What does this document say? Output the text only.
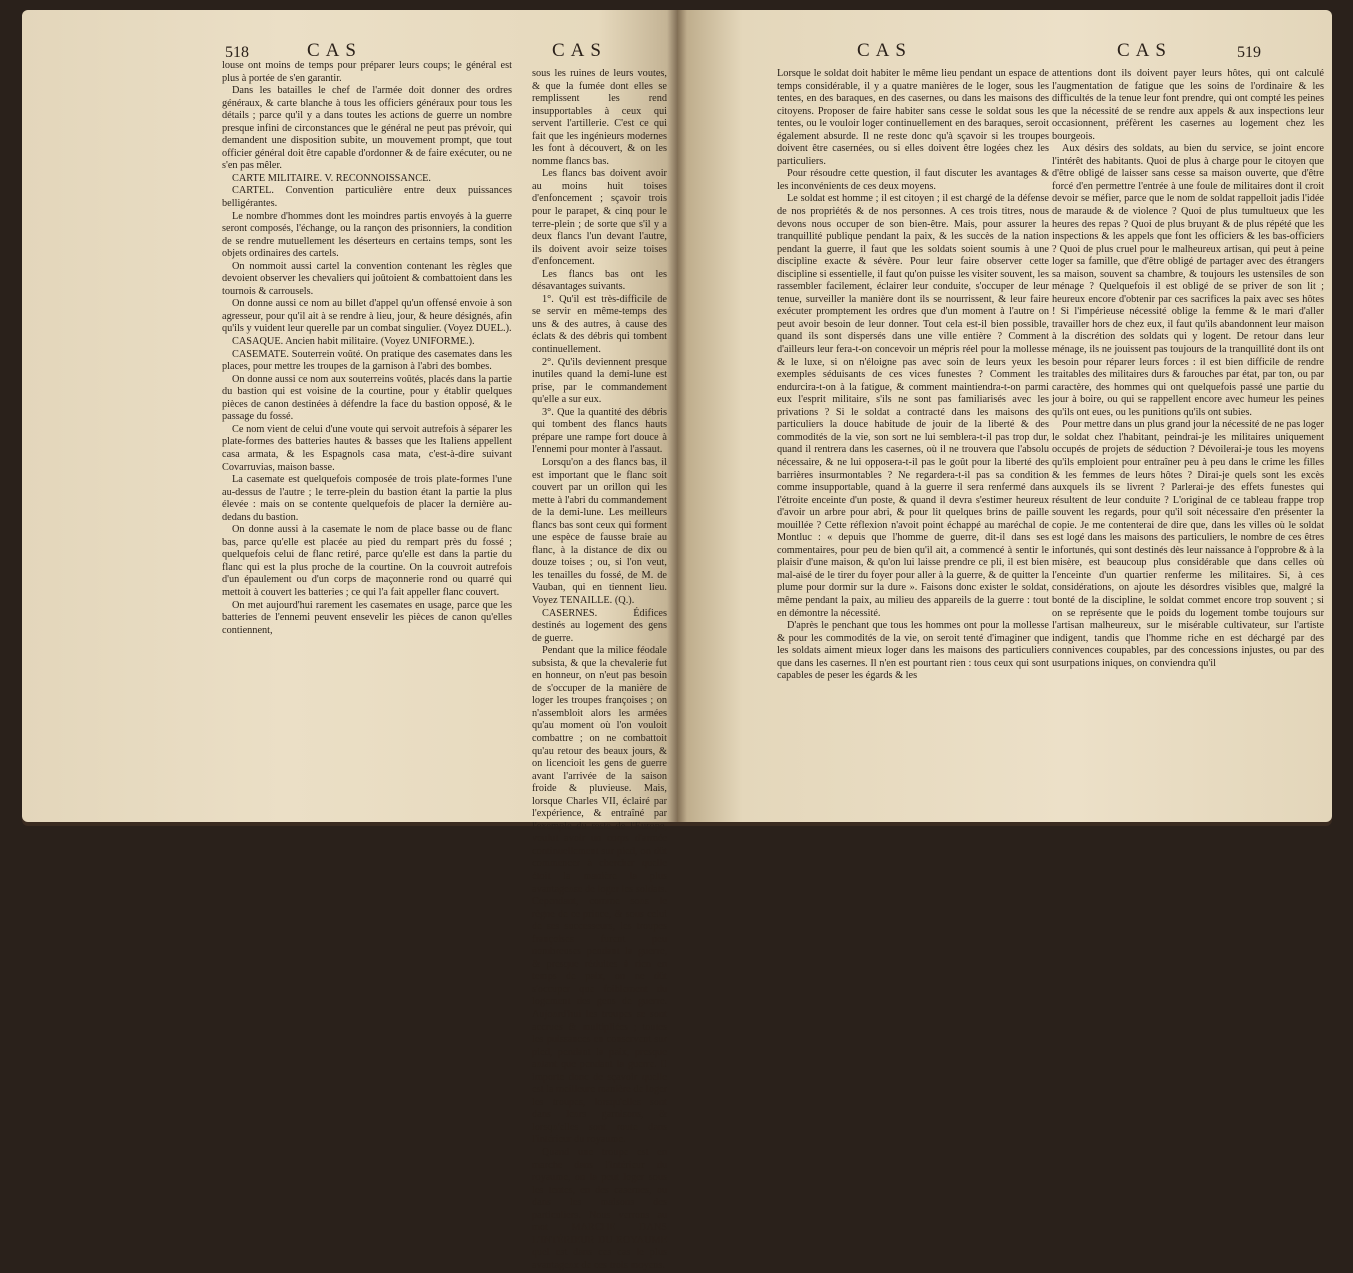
518	CAS	CAS

louse ont moins de temps pour préparer leurs coups; le général est plus à portée de s'en garantir.

Dans les batailles le chef de l'armée doit donner des ordres généraux, & carte blanche à tous les officiers généraux pour tous les détails ; parce qu'il y a dans toutes les actions de guerre un nombre presque infini de circonstances que le général ne peut pas prévoir, qui demandent une disposition subite, un mouvement prompt, que tout officier général doit être capable d'ordonner & de faire exécuter, ou ne s'en pas mêler.

CARTE MILITAIRE. V. RECONNOISSANCE.

CARTEL. Convention particulière entre deux puissances belligérantes.

Le nombre d'hommes dont les moindres partis envoyés à la guerre seront composés, l'échange, ou la rançon des prisonniers, la condition de se rendre mutuellement les déserteurs en certains temps, sont les objets ordinaires des cartels.

On nommoit aussi cartel la convention contenant les règles que devoient observer les chevaliers qui joûtoient & combattoient dans les tournois & carrousels.

On donne aussi ce nom au billet d'appel qu'un offensé envoie à son agresseur, pour qu'il ait à se rendre à lieu, jour, & heure désignés, afin qu'ils y vuident leur querelle par un combat singulier. (Voyez DUEL.).

CASAQUE. Ancien habit militaire. (Voyez UNIFORME.).

CASEMATE. Souterrein voûté. On pratique des casemates dans les places, pour mettre les troupes de la garnison à l'abri des bombes.

On donne aussi ce nom aux souterreins voûtés, placés dans la partie du bastion qui est voisine de la courtine, pour y établir quelques pièces de canon destinées à défendre la face du bastion opposé, & le passage du fossé.

Ce nom vient de celui d'une voute qui servoit autrefois à séparer les plate-formes des batteries hautes & basses que les Italiens appellent casa armata, & les Espagnols casa mata, c'est-à-dire suivant Covarruvias, maison basse.

La casemate est quelquefois composée de trois plate-formes l'une au-dessus de l'autre ; le terre-plein du bastion étant la partie la plus élevée : mais on se contente quelquefois de placer la dernière au-dedans du bastion.

On donne aussi à la casemate le nom de place basse ou de flanc bas, parce qu'elle est placée au pied du rempart près du fossé ; quelquefois celui de flanc retiré, parce qu'elle est dans la partie du flanc qui est la plus proche de la courtine. On la couvroit autrefois d'un épaulement ou d'un corps de maçonnerie rond ou quarré qui mettoit à couvert les batteries ; ce qui l'a fait appeller flanc couvert.

On met aujourd'hui rarement les casemates en usage, parce que les batteries de l'ennemi peuvent ensevelir les pièces de canon qu'elles contiennent,

sous les ruines de leurs voutes, & que la fumée dont elles se remplissent les rend insupportables à ceux qui servent l'artillerie. C'est ce qui fait que les ingénieurs modernes les font à découvert, & on les nomme flancs bas.

Les flancs bas doivent avoir au moins huit toises d'enfoncement ; sçavoir trois pour le parapet, & cinq pour le terre-plein ; de sorte que s'il y a deux flancs l'un devant l'autre, ils doivent avoir seize toises d'enfoncement.

Les flancs bas ont les désavantages suivants.

1°. Qu'il est très-difficile de se servir en même-temps des uns & des autres, à cause des éclats & des débris qui tombent continuellement.

2°. Qu'ils deviennent presque inutiles quand la demi-lune est prise, par le commandement qu'elle a sur eux.

3°. Que la quantité des débris qui tombent des flancs hauts prépare une rampe fort douce à l'ennemi pour monter à l'assaut.

Lorsqu'on a des flancs bas, il est important que le flanc soit couvert par un orillon qui les mette à l'abri du commandement de la demi-lune. Les meilleurs flancs bas sont ceux qui forment une espèce de fausse braie au flanc, à la distance de dix ou douze toises ; ou, si l'on veut, les tenailles du fossé, de M. de Vauban, qui en tiennent lieu. Voyez TENAILLE. (Q.).

CASERNES. Édifices destinés au logement des gens de guerre.

Pendant que la milice féodale subsista, & que la chevalerie fut en honneur, on n'eut pas besoin de s'occuper de la manière de loger les troupes françoises ; on n'assembloit alors les armées qu'au moment où l'on vouloit combattre ; on ne combattoit qu'au retour des beaux jours, & on licencioit les gens de guerre avant l'arrivée de la saison froide & pluvieuse. Mais, lorsque Charles VII, éclairé par l'expérience, & entraîné par l'exemple du reste de l'Europe, voulut avoir un corps d'armée continuellement sur pied, on dût commencer à chercher quelle étoit la manière la plus avantageuse de loger les soldats. Cependant, comme sous le règne de ce prince, & sous celui de ses successeurs, les troupes françoises furent peu nombreuses pendant la guerre, & presque réduites à rien en temps de paix, on ne dût s'occuper que foiblement du logement des gens de guerre. Aujourd'hui les troupes se sont accrues & multipliées ; toutes les puissances en conservent sur pied, pendant la paix, presque autant que pendant la guerre. Il importe donc de sçavoir quelle est la meilleure manière de loger les troupes, lorsqu'elles sont dans leurs garnisons, & lorsqu'elles sont route dans l'intérieur du royaume.

Quand une troupe est en marche dans l'intérieur du royaume, on la peut loger sous les tentes, en des casernes, ou dans les maisons des particuliers. Nous verrons au mot MARCHE DANS L'INTÉRIEUR DU ROYAUME quel est dans ces cas le plus avantageux de ces trois moyens.

CAS	CAS	519

Lorsque le soldat doit habiter le même lieu pendant un espace de temps considérable, il y a quatre manières de le loger, sous les tentes, en des baraques, en des casernes, ou dans les maisons des citoyens. Proposer de faire habiter sans cesse le soldat sous les tentes, ou le vouloir loger continuellement en des baraques, seroit également absurde. Il ne reste donc qu'à sçavoir si les troupes doivent être casernées, ou si elles doivent être logées chez les particuliers.

Pour résoudre cette question, il faut discuter les avantages & les inconvénients de ces deux moyens.

Le soldat est homme ; il est citoyen ; il est chargé de la défense de nos propriétés & de nos personnes. A ces trois titres, nous devons nous occuper de son bien-être. Mais, pour assurer la tranquillité publique pendant la paix, & les succès de la nation pendant la guerre, il faut que les soldats soient soumis à une discipline exacte & sévère. Pour leur faire observer cette discipline si essentielle, il faut qu'on puisse les visiter souvent, les rassembler facilement, éclairer leur conduite, s'occuper de leur tenue, surveiller la manière dont ils se nourrissent, & leur faire exécuter promptement les ordres que d'un moment à l'autre on peut avoir besoin de leur donner. Tout cela est-il bien possible, quand ils sont dispersés dans une ville entière ? Comment d'ailleurs leur fera-t-on concevoir un mépris réel pour la mollesse & le luxe, si on n'éloigne pas avec soin de leurs yeux les exemples séduisants de ces vices funestes ? Comment les endurcira-t-on à la fatigue, & comment maintiendra-t-on parmi eux l'esprit militaire, s'ils ne sont pas familiarisés avec les privations ? Si le soldat a contracté dans les maisons des particuliers la douce habitude de jouir de la liberté & des commodités de la vie, son sort ne lui semblera-t-il pas trop dur, quand il rentrera dans les casernes, où il ne trouvera que l'absolu nécessaire, & ne lui opposera-t-il pas le goût pour la liberté des barrières insurmontables ? Ne regardera-t-il pas sa condition comme insupportable, quand à la guerre il sera renfermé dans l'étroite enceinte d'un poste, & quand il devra s'estimer heureux d'avoir un arbre pour abri, & pour lit quelques brins de paille mouillée ? Cette réflexion n'avoit point échappé au maréchal de Montluc : « depuis que l'homme de guerre, dit-il dans ses commentaires, pour peu de bien qu'il ait, a commencé à sentir le plaisir d'une maison, & qu'on lui laisse prendre ce pli, il est bien mal-aisé de le tirer du foyer pour aller à la guerre, & de quitter la plume pour dormir sur la dure ». Faisons donc exister le soldat, même pendant la paix, au milieu des appareils de la guerre : tout en démontre la nécessité.

D'après le penchant que tous les hommes ont pour la mollesse & pour les commodités de la vie, on seroit tenté d'imaginer que les soldats aiment mieux loger dans les maisons des particuliers que dans les casernes. Il n'en est pourtant rien : tous ceux qui sont capables de peser les égards & les

attentions dont ils doivent payer leurs hôtes, qui ont calculé l'augmentation de fatigue que les soins de l'ordinaire & les difficultés de la tenue leur font prendre, qui ont compté les peines que la nécessité de se rendre aux appels & aux inspections leur occasionnent, préfèrent les casernes au logement chez les bourgeois.

Aux désirs des soldats, au bien du service, se joint encore l'intérêt des habitants. Quoi de plus à charge pour le citoyen que d'être obligé de laisser sans cesse sa maison ouverte, que d'être forcé d'en permettre l'entrée à une foule de militaires dont il croit devoir se méfier, parce que le nom de soldat rappelloit jadis l'idée de maraude & de violence ? Quoi de plus tumultueux que les heures des repas ? Quoi de plus bruyant & de plus répété que les inspections & les appels que font les officiers & les bas-officiers ? Quoi de plus cruel pour le malheureux artisan, qui peut à peine loger sa famille, que d'être obligé de partager avec des étrangers sa maison, souvent sa chambre, & toujours les ustensiles de son ménage ? Quelquefois il est obligé de se priver de son lit ; heureux encore d'obtenir par ces sacrifices la paix avec ses hôtes ! Si l'impérieuse nécessité oblige la femme & le mari d'aller travailler hors de chez eux, il faut qu'ils abandonnent leur maison à la discrétion des soldats qui y logent. De retour dans leur ménage, ils ne jouissent pas toujours de la tranquillité dont ils ont besoin pour réparer leurs forces : il est bien difficile de rendre traitables des militaires durs & farouches par état, par ton, ou par caractère, des hommes qui ont quelquefois passé une partie du jour à boire, ou qui se rappellent encore avec humeur les peines qu'ils ont eues, ou les punitions qu'ils ont subies.

Pour mettre dans un plus grand jour la nécessité de ne pas loger le soldat chez l'habitant, peindrai-je les militaires uniquement occupés de projets de séduction ? Dévoilerai-je tous les moyens qu'ils emploient pour entraîner peu à peu dans le crime les filles & les femmes de leurs hôtes ? Dirai-je quels sont les excès auxquels ils se livrent ? Parlerai-je des effets funestes qui résultent de leur conduite ? L'original de ce tableau frappe trop souvent les regards, pour qu'il soit nécessaire d'en présenter la copie. Je me contenterai de dire que, dans les villes où le soldat est logé dans les maisons des particuliers, le nombre de ces êtres infortunés, qui sont destinés dès leur naissance à l'opprobre & à la misère, est beaucoup plus considérable que dans celles où l'enceinte d'un quartier renferme les militaires. Si, à ces considérations, on ajoute les désordres visibles que, malgré la bonté de la discipline, le soldat commet encore trop souvent ; si on se représente que le poids du logement tombe toujours sur l'artisan malheureux, sur le misérable cultivateur, sur l'artiste indigent, tandis que l'homme riche en est déchargé par des connivences coupables, par des concessions injustes, ou par des usurpations iniques, on conviendra qu'il
